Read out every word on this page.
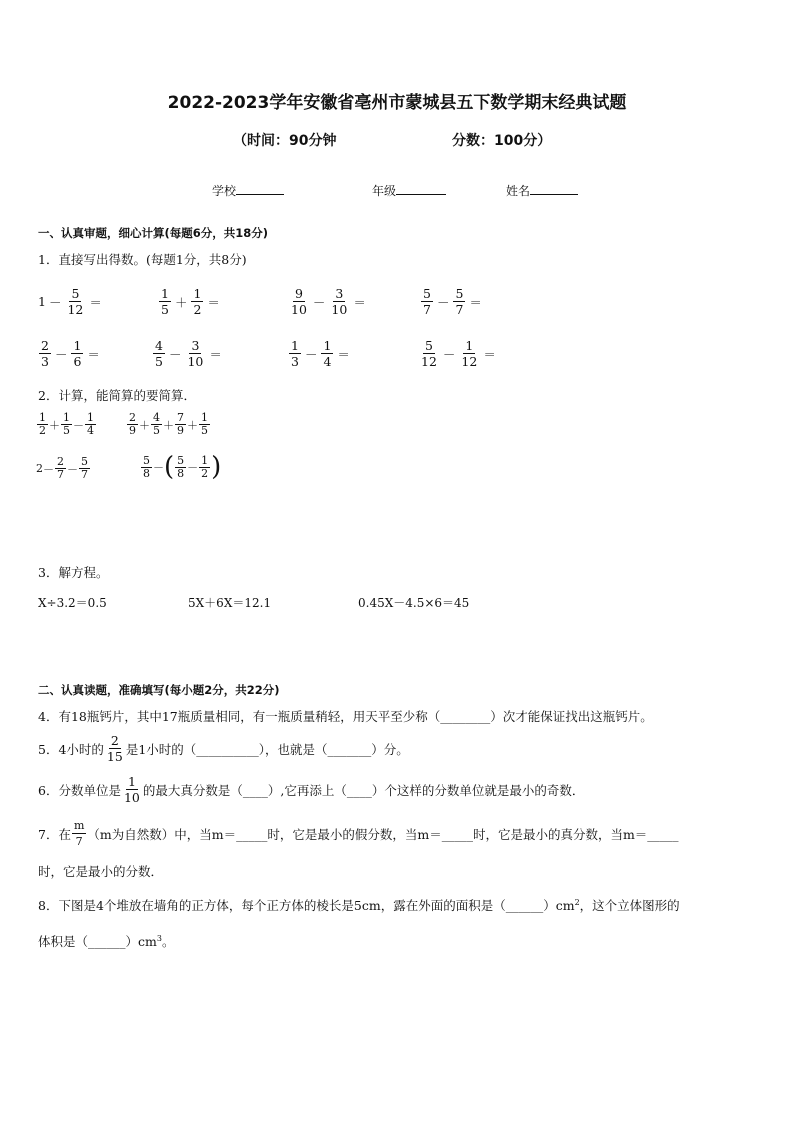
2022-2023学年安徽省亳州市蒙城县五下数学期末经典试题
（时间：90分钟	分数：100分）
学校	年级	姓名
一、认真审题，细心计算(每题6分，共18分)
1．直接写出得数。(每题1分，共8分)
$1 - \frac{5}{12}$ ＝	$\frac{1}{5} + \frac{1}{2}$ ＝	$\frac{9}{10} - \frac{3}{10}$ ＝	$\frac{5}{7} - \frac{5}{7}$ ＝
$\frac{2}{3} - \frac{1}{6}$ ＝	$\frac{4}{5} - \frac{3}{10}$ ＝	$\frac{1}{3} - \frac{1}{4}$ ＝	$\frac{5}{12} - \frac{1}{12}$ ＝
2．计算，能简算的要简算．
$\frac{1}{2} + \frac{1}{5} - \frac{1}{4}$	$\frac{2}{9} + \frac{4}{5} + \frac{7}{9} + \frac{1}{5}$
$2 - \frac{2}{7} - \frac{5}{7}$	$\frac{5}{8}$ － ( $\frac{5}{8} - \frac{1}{2}$ )
3．解方程。
X÷3.2＝0.5	5X＋6X＝12.1	0.45X－4.5×6＝45
二、认真读题，准确填写(每小题2分，共22分)
4．有18瓶钙片，其中17瓶质量相同，有一瓶质量稍轻，用天平至少称（________）次才能保证找出这瓶钙片。
5．4小时的 $\frac{2}{15}$ 是1小时的（__________），也就是（_______）分。
6．分数单位是 $\frac{1}{10}$ 的最大真分数是（____）,它再添上（____）个这样的分数单位就是最小的奇数．
7．在 $\frac{m}{7} (m$为自然数）中，当m＝_____时，它是最小的假分数，当m＝_____时，它是最小的真分数，当m＝_____
时，它是最小的分数．
8．下图是4个堆放在墙角的正方体，每个正方体的棱长是5cm，露在外面的面积是$(\_\_\_\_\_\_)cm^2$，这个立体图形的
体积是$(\_\_\_\_\_\_)cm^3$。
